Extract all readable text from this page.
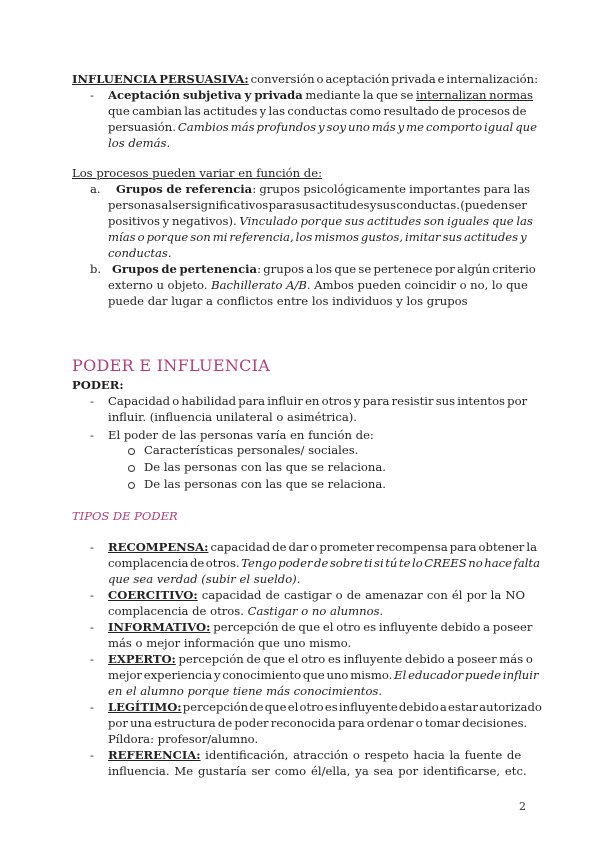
INFLUENCIA PERSUASIVA: conversión o aceptación privada e internalización:
- Aceptación subjetiva y privada mediante la que se internalizan normas
que cambian las actitudes y las conductas como resultado de procesos de
persuasión. Cambios más profundos y soy uno más y me comporto igual que
los demás.
Los procesos pueden variar en función de:
a. Grupos de referencia: grupos psicológicamente importantes para las
personas al ser significativos para sus actitudes y sus conductas. (pueden ser
positivos y negativos). Vinculado porque sus actitudes son iguales que las
mías o porque son mi referencia, los mismos gustos, imitar sus actitudes y
conductas.
b. Grupos de pertenencia: grupos a los que se pertenece por algún criterio
externo u objeto. Bachillerato A/B. Ambos pueden coincidir o no, lo que
puede dar lugar a conflictos entre los individuos y los grupos
PODER E INFLUENCIA
PODER:
- Capacidad o habilidad para influir en otros y para resistir sus intentos por
influir. (influencia unilateral o asimétrica).
- El poder de las personas varía en función de:
Características personales/ sociales.
De las personas con las que se relaciona.
De las personas con las que se relaciona.
TIPOS DE PODER
- RECOMPENSA: capacidad de dar o prometer recompensa para obtener la
complacencia de otros. Tengo poder de sobre ti si tú te lo CREES no hace falta
que sea verdad (subir el sueldo).
- COERCITIVO: capacidad de castigar o de amenazar con él por la NO
complacencia de otros. Castigar o no alumnos.
- INFORMATIVO: percepción de que el otro es influyente debido a poseer
más o mejor información que uno mismo.
- EXPERTO: percepción de que el otro es influyente debido a poseer más o
mejor experiencia y conocimiento que uno mismo. El educador puede influir
en el alumno porque tiene más conocimientos.
- LEGÍTIMO: percepción de que el otro es influyente debido a estar autorizado
por una estructura de poder reconocida para ordenar o tomar decisiones.
Píldora: profesor/alumno.
- REFERENCIA: identificación, atracción o respeto hacia la fuente de
influencia. Me gustaría ser como él/ella, ya sea por identificarse, etc.
2
